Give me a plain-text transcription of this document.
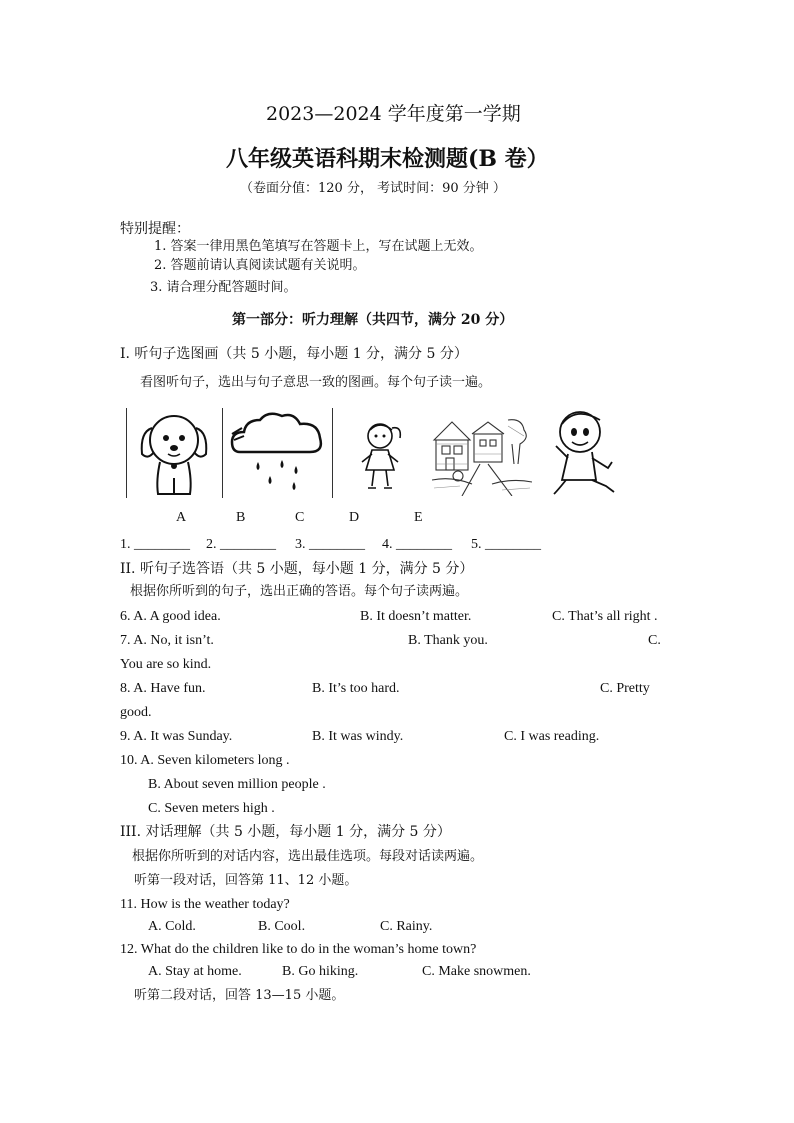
2023—2024 学年度第一学期
八年级英语科期末检测题(B 卷）
（卷面分值：120 分， 考试时间：90 分钟 ）
特别提醒：
1. 答案一律用黑色笔填写在答题卡上，写在试题上无效。
2. 答题前请认真阅读试题有关说明。
3. 请合理分配答题时间。
第一部分：听力理解（共四节，满分 20 分）
I. 听句子选图画（共 5 小题，每小题 1 分，满分 5 分）
看图听句子，选出与句子意思一致的图画。每个句子读一遍。
A	B	C	D	E
1. ________ 2. ________ 3. ________ 4. ________ 5. ________
II. 听句子选答语（共 5 小题，每小题 1 分，满分 5 分）
根据你所听到的句子，选出正确的答语。每个句子读两遍。
6. A. A good idea.	B. It doesn’t matter.	C. That’s all right .
7. A. No, it isn’t.	B. Thank you.	C.
You are so kind.
8. A. Have fun.	B. It’s too hard.	C. Pretty
good.
9. A. It was Sunday.	B. It was windy.	C. I was reading.
10. A. Seven kilometers long .
B. About seven million people .
C. Seven meters high .
III. 对话理解（共 5 小题，每小题 1 分，满分 5 分）
根据你所听到的对话内容，选出最佳选项。每段对话读两遍。
听第一段对话，回答第 11、12 小题。
11. How is the weather today?
A. Cold.	B. Cool.	C. Rainy.
12. What do the children like to do in the woman’s home town?
A. Stay at home.	B. Go hiking.	C. Make snowmen.
听第二段对话，回答 13—15 小题。
